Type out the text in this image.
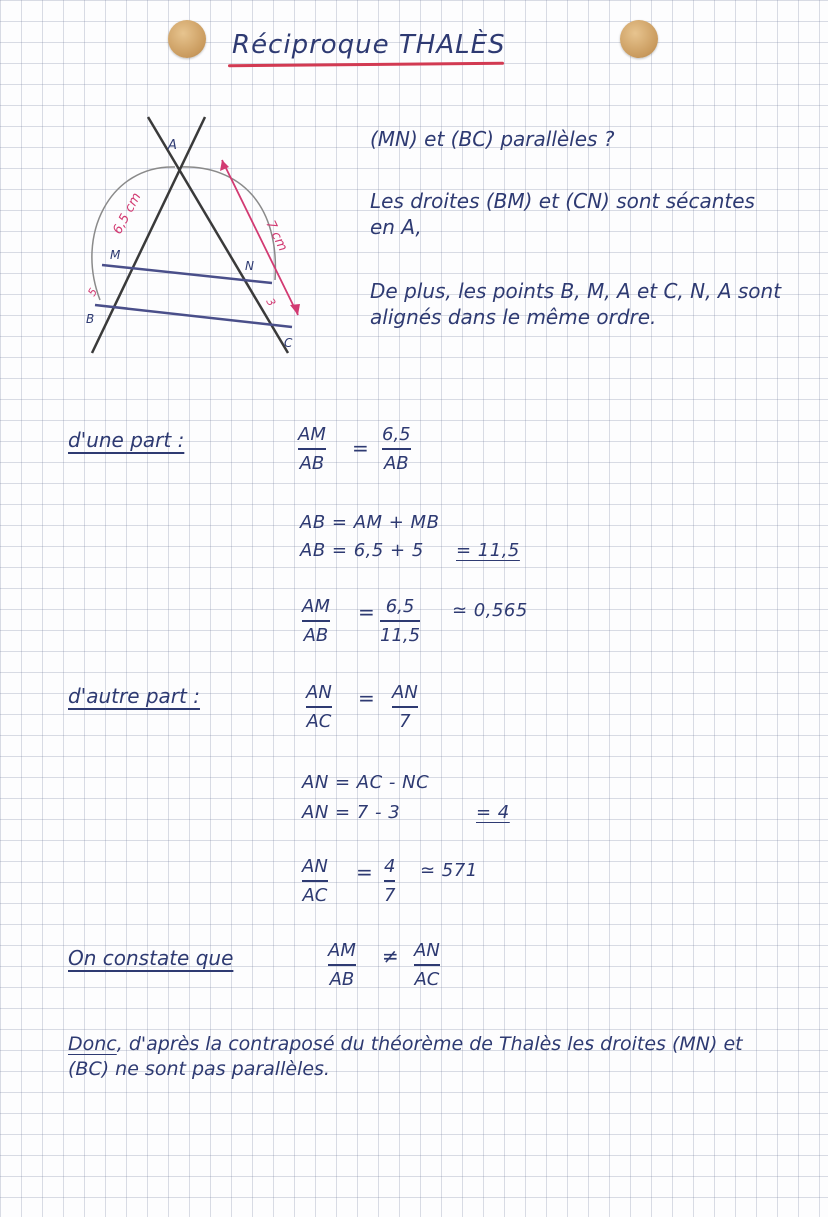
Réciproque THALÈS
A
M
N
B
C
6,5 cm	7 cm
5
3
(MN) et (BC) parallèles ?
Les droites (BM) et (CN) sont sécantes en A,
De plus, les points B, M, A et C, N, A sont alignés dans le même ordre.
d'une part :	AM
AB
=
6,5
AB
AB = AM + MB
AB = 6,5 + 5 = 11,5
AM
AB
= 6,5
11,5
≃ 0,565
d'autre part :	AN
AC
= AN
7
AN = AC - NC
AN = 7 - 3	= 4
AN
AC
= 4
7
≃ 571
On constate que	AM
AB
≠ AN
AC
Donc, d'après la contraposé du théorème de Thalès les droites (MN) et (BC) ne sont pas parallèles.
